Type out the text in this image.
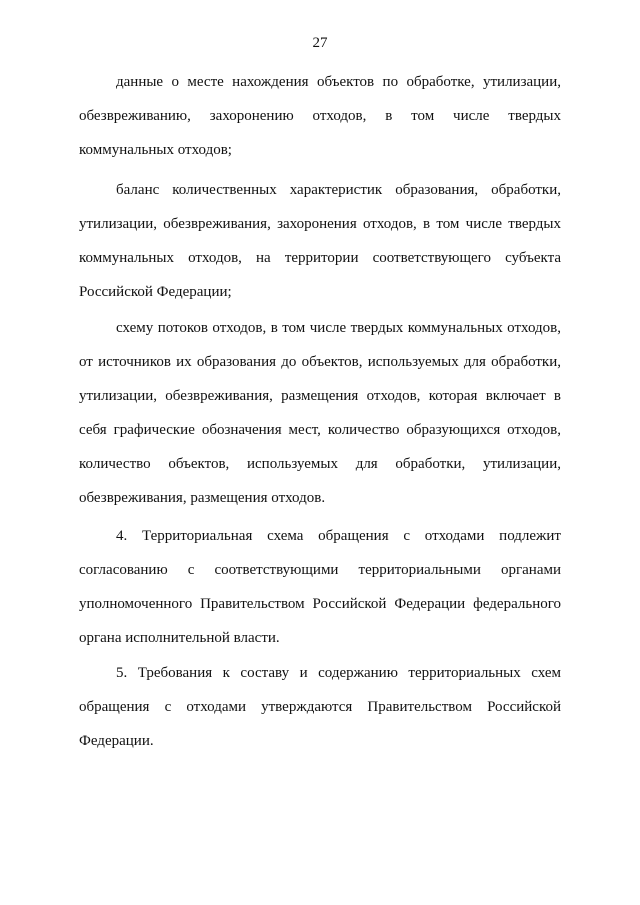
27
данные о месте нахождения объектов по обработке, утилизации,
обезвреживанию, захоронению отходов, в том числе твердых
коммунальных отходов;
баланс количественных характеристик образования, обработки,
утилизации, обезвреживания, захоронения отходов, в том числе твердых
коммунальных отходов, на территории соответствующего субъекта
Российской Федерации;
схему потоков отходов, в том числе твердых коммунальных отходов,
от источников их образования до объектов, используемых для обработки,
утилизации, обезвреживания, размещения отходов, которая включает в
себя графические обозначения мест, количество образующихся отходов,
количество объектов, используемых для обработки, утилизации,
обезвреживания, размещения отходов.
4. Территориальная схема обращения с отходами подлежит
согласованию с соответствующими территориальными органами
уполномоченного Правительством Российской Федерации федерального
органа исполнительной власти.
5. Требования к составу и содержанию территориальных схем
обращения с отходами утверждаются Правительством Российской
Федерации.
